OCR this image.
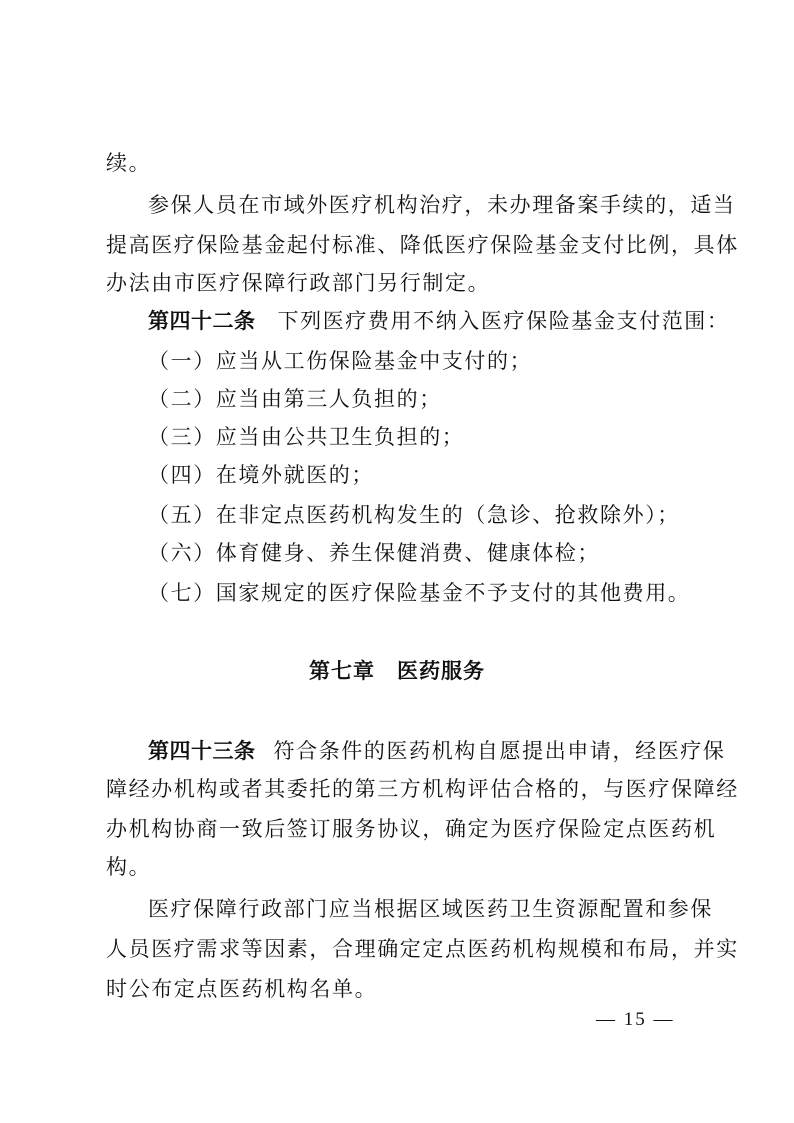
续。
参保人员在市域外医疗机构治疗，未办理备案手续的，适当
提高医疗保险基金起付标准、降低医疗保险基金支付比例，具体
办法由市医疗保障行政部门另行制定。
第四十二条 下列医疗费用不纳入医疗保险基金支付范围：
（一）应当从工伤保险基金中支付的；
（二）应当由第三人负担的；
（三）应当由公共卫生负担的；
（四）在境外就医的；
（五）在非定点医药机构发生的（急诊、抢救除外）；
（六）体育健身、养生保健消费、健康体检；
（七）国家规定的医疗保险基金不予支付的其他费用。
第七章　医药服务
第四十三条 符合条件的医药机构自愿提出申请，经医疗保
障经办机构或者其委托的第三方机构评估合格的，与医疗保障经
办机构协商一致后签订服务协议，确定为医疗保险定点医药机
构。
医疗保障行政部门应当根据区域医药卫生资源配置和参保
人员医疗需求等因素，合理确定定点医药机构规模和布局，并实
时公布定点医药机构名单。
— 15 —
